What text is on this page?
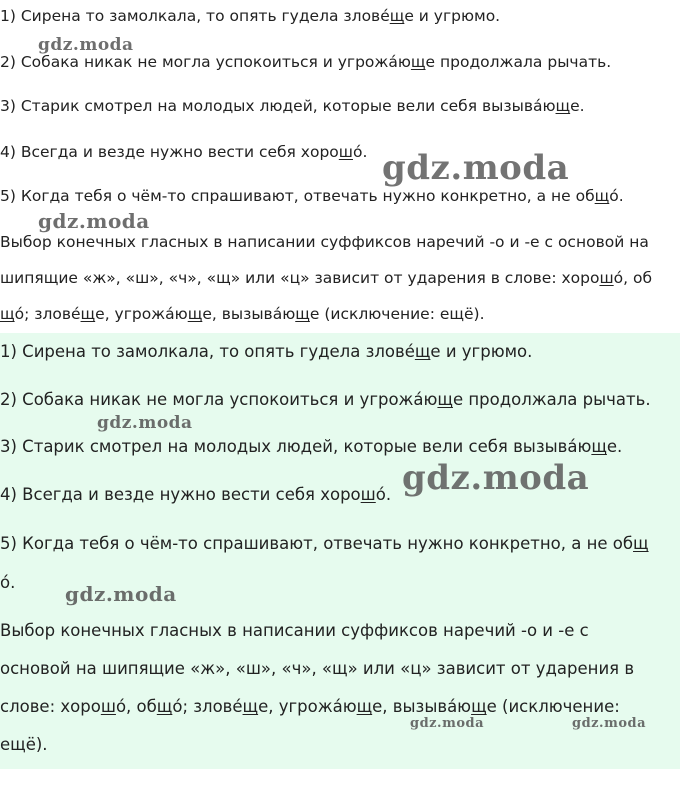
1) Сирена то замолкала, то опять гудела злове́ще и угрюмо.
2) Собака никак не могла успокоиться и угрожа́юще продолжала рычать.
3) Старик смотрел на молодых людей, которые вели себя вызыва́юще.
4) Всегда и везде нужно вести себя хорошо́.
5) Когда тебя о чём-то спрашивают, отвечать нужно конкретно, а не общо́.
Выбор конечных гласных в написании суффиксов наречий -о и -е с основой на
шипящие «ж», «ш», «ч», «щ» или «ц» зависит от ударения в слове: хорошо́, об
що́; злове́ще, угрожа́юще, вызыва́юще (исключение: ещё).
1) Сирена то замолкала, то опять гудела злове́ще и угрюмо.
2) Собака никак не могла успокоиться и угрожа́юще продолжала рычать.
3) Старик смотрел на молодых людей, которые вели себя вызыва́юще.
4) Всегда и везде нужно вести себя хорошо́.
5) Когда тебя о чём-то спрашивают, отвечать нужно конкретно, а не общ
о́.
Выбор конечных гласных в написании суффиксов наречий -о и -е с
основой на шипящие «ж», «ш», «ч», «щ» или «ц» зависит от ударения в
слове: хорошо́, общо́; злове́ще, угрожа́юще, вызыва́юще (исключение:
ещё).
gdz.moda
gdz.moda
gdz.moda
gdz.moda
gdz.moda
gdz.moda
gdz.moda	gdz.moda
